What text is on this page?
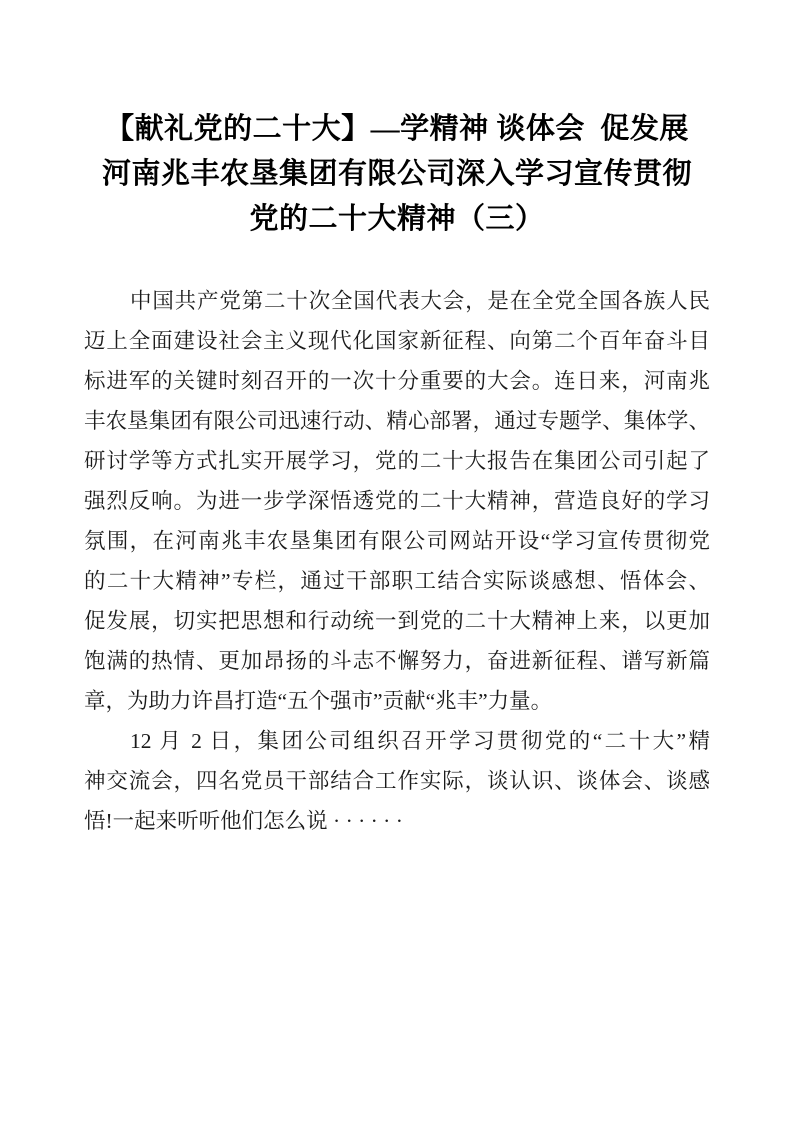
【献礼党的二十大】—学精神 谈体会  促发展
河南兆丰农垦集团有限公司深入学习宣传贯彻
党的二十大精神（三）
中国共产党第二十次全国代表大会，是在全党全国各族人民
迈上全面建设社会主义现代化国家新征程、向第二个百年奋斗目
标进军的关键时刻召开的一次十分重要的大会。连日来，河南兆
丰农垦集团有限公司迅速行动、精心部署，通过专题学、集体学、
研讨学等方式扎实开展学习，党的二十大报告在集团公司引起了
强烈反响。为进一步学深悟透党的二十大精神，营造良好的学习
氛围，在河南兆丰农垦集团有限公司网站开设“学习宣传贯彻党
的二十大精神”专栏，通过干部职工结合实际谈感想、悟体会、
促发展，切实把思想和行动统一到党的二十大精神上来，以更加
饱满的热情、更加昂扬的斗志不懈努力，奋进新征程、谱写新篇
章，为助力许昌打造“五个强市”贡献“兆丰”力量。
12 月 2 日，集团公司组织召开学习贯彻党的“二十大”精
神交流会，四名党员干部结合工作实际，谈认识、谈体会、谈感
悟!一起来听听他们怎么说 · · · · · ·
